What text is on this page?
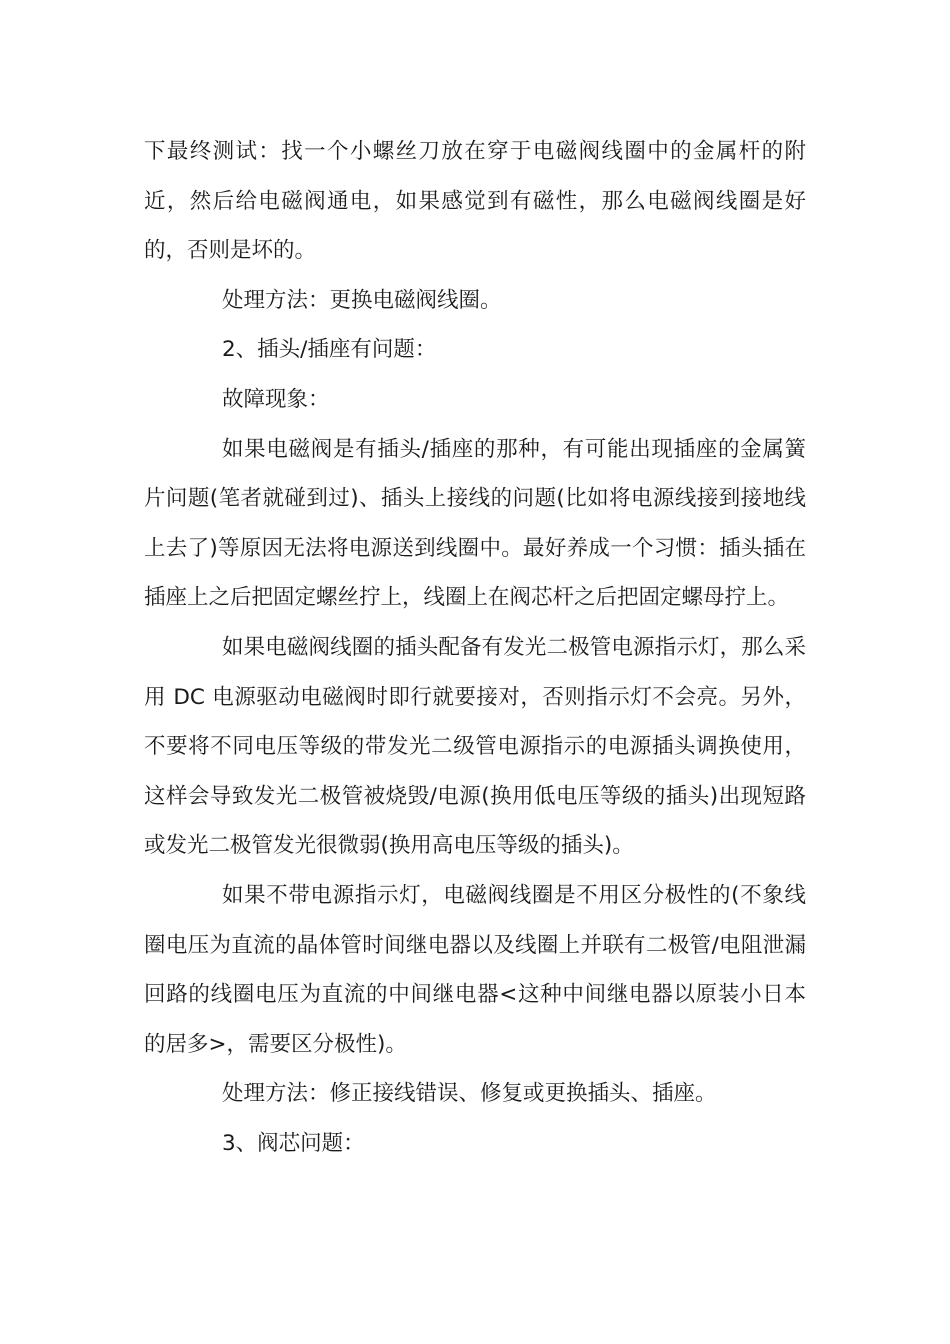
下最终测试：找一个小螺丝刀放在穿于电磁阀线圈中的金属杆的附近，然后给电磁阀通电，如果感觉到有磁性，那么电磁阀线圈是好的，否则是坏的。

处理方法：更换电磁阀线圈。

2、插头/插座有问题：

故障现象：

如果电磁阀是有插头/插座的那种，有可能出现插座的金属簧片问题(笔者就碰到过)、插头上接线的问题(比如将电源线接到接地线上去了)等原因无法将电源送到线圈中。最好养成一个习惯：插头插在插座上之后把固定螺丝拧上，线圈上在阀芯杆之后把固定螺母拧上。

如果电磁阀线圈的插头配备有发光二极管电源指示灯，那么采用 DC 电源驱动电磁阀时即行就要接对，否则指示灯不会亮。另外，不要将不同电压等级的带发光二级管电源指示的电源插头调换使用，这样会导致发光二极管被烧毁/电源(换用低电压等级的插头)出现短路或发光二极管发光很微弱(换用高电压等级的插头)。

如果不带电源指示灯，电磁阀线圈是不用区分极性的(不象线圈电压为直流的晶体管时间继电器以及线圈上并联有二极管/电阻泄漏回路的线圈电压为直流的中间继电器<这种中间继电器以原装小日本的居多>，需要区分极性)。

处理方法：修正接线错误、修复或更换插头、插座。

3、阀芯问题：
